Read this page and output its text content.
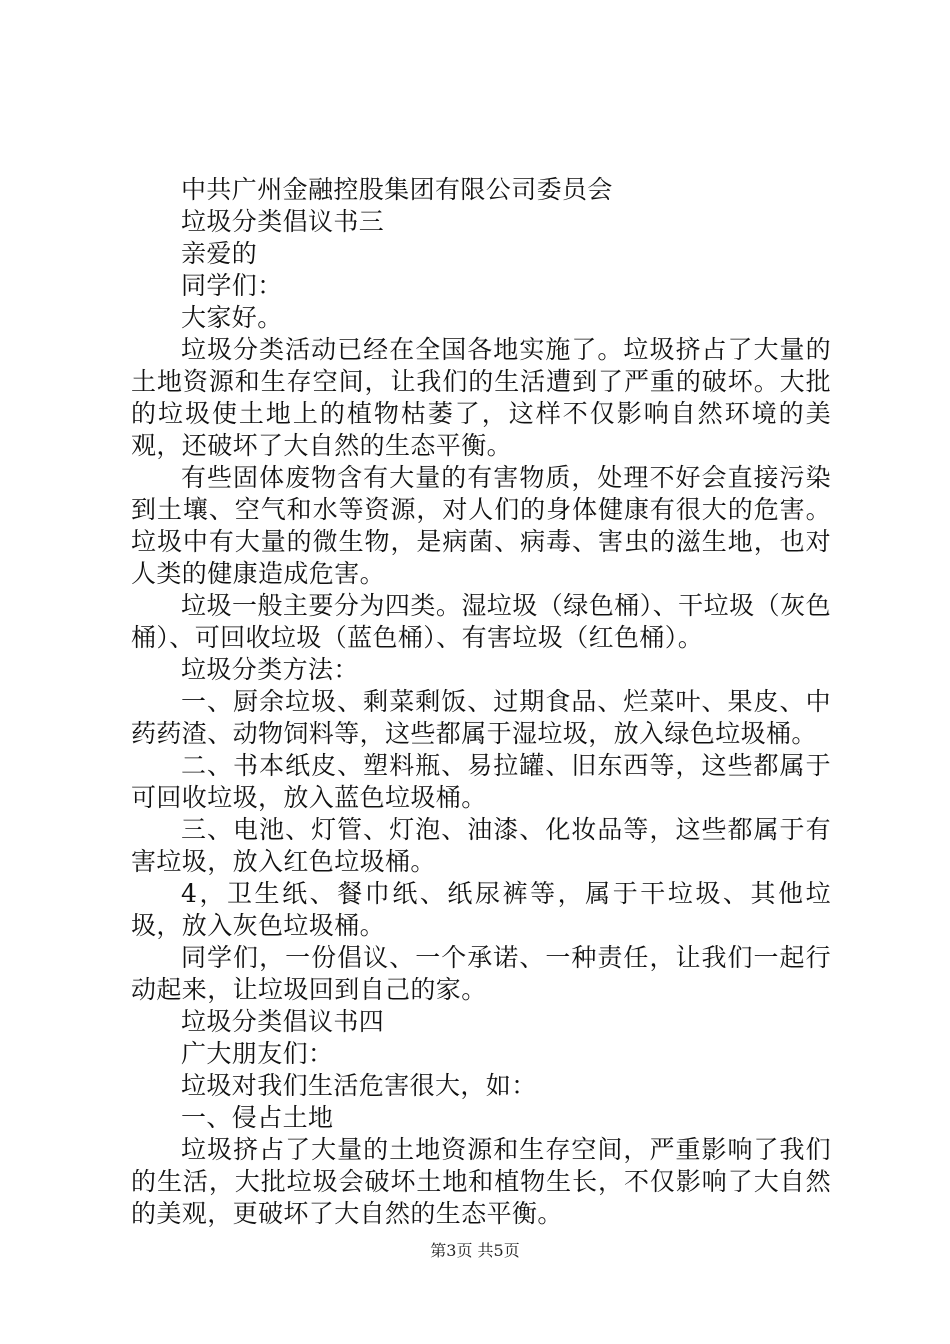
中共广州金融控股集团有限公司委员会

垃圾分类倡议书三

亲爱的

同学们：

大家好。

垃圾分类活动已经在全国各地实施了。垃圾挤占了大量的土地资源和生存空间，让我们的生活遭到了严重的破坏。大批的垃圾使土地上的植物枯萎了，这样不仅影响自然环境的美观，还破坏了大自然的生态平衡。

有些固体废物含有大量的有害物质，处理不好会直接污染到土壤、空气和水等资源，对人们的身体健康有很大的危害。垃圾中有大量的微生物，是病菌、病毒、害虫的滋生地，也对人类的健康造成危害。

垃圾一般主要分为四类。湿垃圾（绿色桶）、干垃圾（灰色桶）、可回收垃圾（蓝色桶）、有害垃圾（红色桶）。

垃圾分类方法：

一、厨余垃圾、剩菜剩饭、过期食品、烂菜叶、果皮、中药药渣、动物饲料等，这些都属于湿垃圾，放入绿色垃圾桶。

二、书本纸皮、塑料瓶、易拉罐、旧东西等，这些都属于可回收垃圾，放入蓝色垃圾桶。

三、电池、灯管、灯泡、油漆、化妆品等，这些都属于有害垃圾，放入红色垃圾桶。

4，卫生纸、餐巾纸、纸尿裤等，属于干垃圾、其他垃圾，放入灰色垃圾桶。

同学们，一份倡议、一个承诺、一种责任，让我们一起行动起来，让垃圾回到自己的家。

垃圾分类倡议书四

广大朋友们：

垃圾对我们生活危害很大，如：

一、侵占土地

垃圾挤占了大量的土地资源和生存空间，严重影响了我们的生活，大批垃圾会破坏土地和植物生长，不仅影响了大自然的美观，更破坏了大自然的生态平衡。

第3页 共5页
